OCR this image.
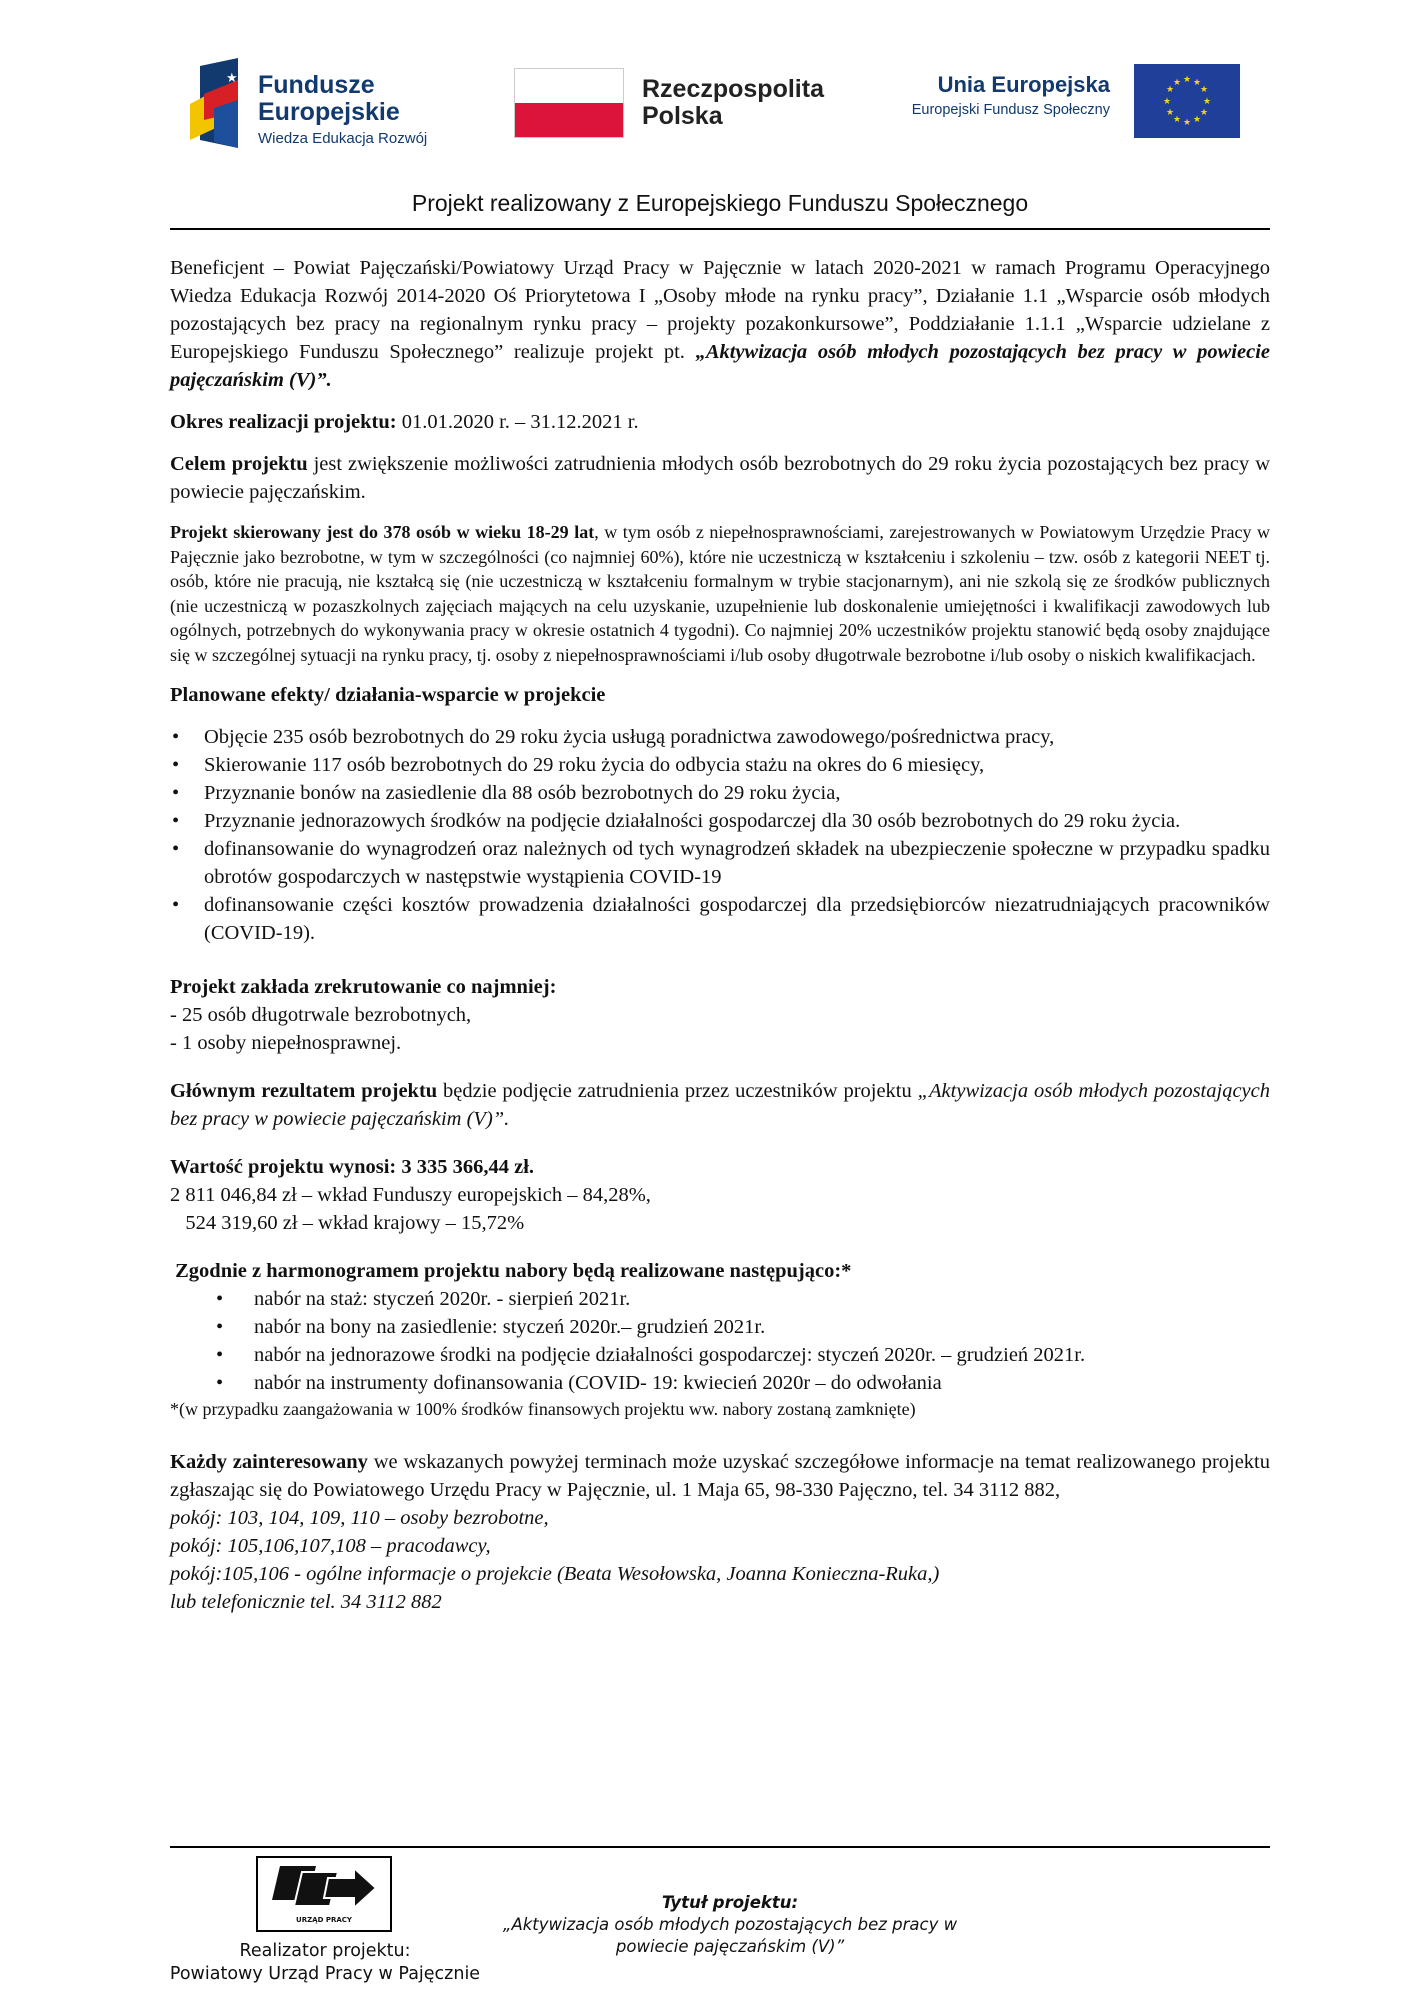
★ Fundusze
Europejskie
Wiedza Edukacja Rozwój
Rzeczpospolita
Polska
Unia Europejska
Europejski Fundusz Społeczny
★ ★
★
★
★
★
★
★
★
★
★
★
Projekt realizowany z Europejskiego Funduszu Społecznego

Beneficjent – Powiat Pajęczański/Powiatowy Urząd Pracy w Pajęcznie w latach 2020-2021 w ramach Programu Operacyjnego Wiedza Edukacja Rozwój 2014-2020 Oś Priorytetowa I „Osoby młode na rynku pracy”, Działanie 1.1 „Wsparcie osób młodych pozostających bez pracy na regionalnym rynku pracy – projekty pozakonkursowe”, Poddziałanie 1.1.1 „Wsparcie udzielane z Europejskiego Funduszu Społecznego” realizuje projekt pt. „Aktywizacja osób młodych pozostających bez pracy w powiecie pajęczańskim (V)”.

Okres realizacji projektu: 01.01.2020 r. – 31.12.2021 r.

Celem projektu jest zwiększenie możliwości zatrudnienia młodych osób bezrobotnych do 29 roku życia pozostających bez pracy w powiecie pajęczańskim.

Projekt skierowany jest do 378 osób w wieku 18-29 lat, w tym osób z niepełnosprawnościami, zarejestrowanych w Powiatowym Urzędzie Pracy w Pajęcznie jako bezrobotne, w tym w szczególności (co najmniej 60%), które nie uczestniczą w kształceniu i szkoleniu – tzw. osób z kategorii NEET tj. osób, które nie pracują, nie kształcą się (nie uczestniczą w kształceniu formalnym w trybie stacjonarnym), ani nie szkolą się ze środków publicznych (nie uczestniczą w pozaszkolnych zajęciach mających na celu uzyskanie, uzupełnienie lub doskonalenie umiejętności i kwalifikacji zawodowych lub ogólnych, potrzebnych do wykonywania pracy w okresie ostatnich 4 tygodni). Co najmniej 20% uczestników projektu stanowić będą osoby znajdujące się w szczególnej sytuacji na rynku pracy, tj. osoby z niepełnosprawnościami i/lub osoby długotrwale bezrobotne i/lub osoby o niskich kwalifikacjach.

Planowane efekty/ działania-wsparcie w projekcie

• Objęcie 235 osób bezrobotnych do 29 roku życia usługą poradnictwa zawodowego/pośrednictwa pracy,
• Skierowanie 117 osób bezrobotnych do 29 roku życia do odbycia stażu na okres do 6 miesięcy,
• Przyznanie bonów na zasiedlenie dla 88 osób bezrobotnych do 29 roku życia,
• Przyznanie jednorazowych środków na podjęcie działalności gospodarczej dla 30 osób bezrobotnych do 29 roku życia.
• dofinansowanie do wynagrodzeń oraz należnych od tych wynagrodzeń składek na ubezpieczenie społeczne w przypadku spadku obrotów gospodarczych w następstwie wystąpienia COVID-19
• dofinansowanie części kosztów prowadzenia działalności gospodarczej dla przedsiębiorców niezatrudniających pracowników (COVID-19).

Projekt zakłada zrekrutowanie co najmniej:

- 25 osób długotrwale bezrobotnych,

- 1 osoby niepełnosprawnej.

Głównym rezultatem projektu będzie podjęcie zatrudnienia przez uczestników projektu „Aktywizacja osób młodych pozostających bez pracy w powiecie pajęczańskim (V)”.

Wartość projektu wynosi: 3 335 366,44 zł.

2 811 046,84 zł – wkład Funduszy europejskich – 84,28%,

524 319,60 zł – wkład krajowy – 15,72%

Zgodnie z harmonogramem projektu nabory będą realizowane następująco:*

• nabór na staż: styczeń 2020r. - sierpień 2021r.
• nabór na bony na zasiedlenie: styczeń 2020r.– grudzień 2021r.
• nabór na jednorazowe środki na podjęcie działalności gospodarczej: styczeń 2020r. – grudzień 2021r.
• nabór na instrumenty dofinansowania (COVID- 19: kwiecień 2020r – do odwołania

*(w przypadku zaangażowania w 100% środków finansowych projektu ww. nabory zostaną zamknięte)

Każdy zainteresowany we wskazanych powyżej terminach może uzyskać szczegółowe informacje na temat realizowanego projektu zgłaszając się do Powiatowego Urzędu Pracy w Pajęcznie, ul. 1 Maja 65, 98-330 Pajęczno, tel. 34 3112 882,

pokój: 103, 104, 109, 110 – osoby bezrobotne,

pokój: 105,106,107,108 – pracodawcy,

pokój:105,106 - ogólne informacje o projekcie (Beata Wesołowska, Joanna Konieczna-Ruka,)

lub telefonicznie tel. 34 3112 882

URZĄD PRACY
Realizator projektu:
Powiatowy Urząd Pracy w Pajęcznie
Tytuł projektu:
„Aktywizacja osób młodych pozostających bez pracy w powiecie pajęczańskim (V)”
